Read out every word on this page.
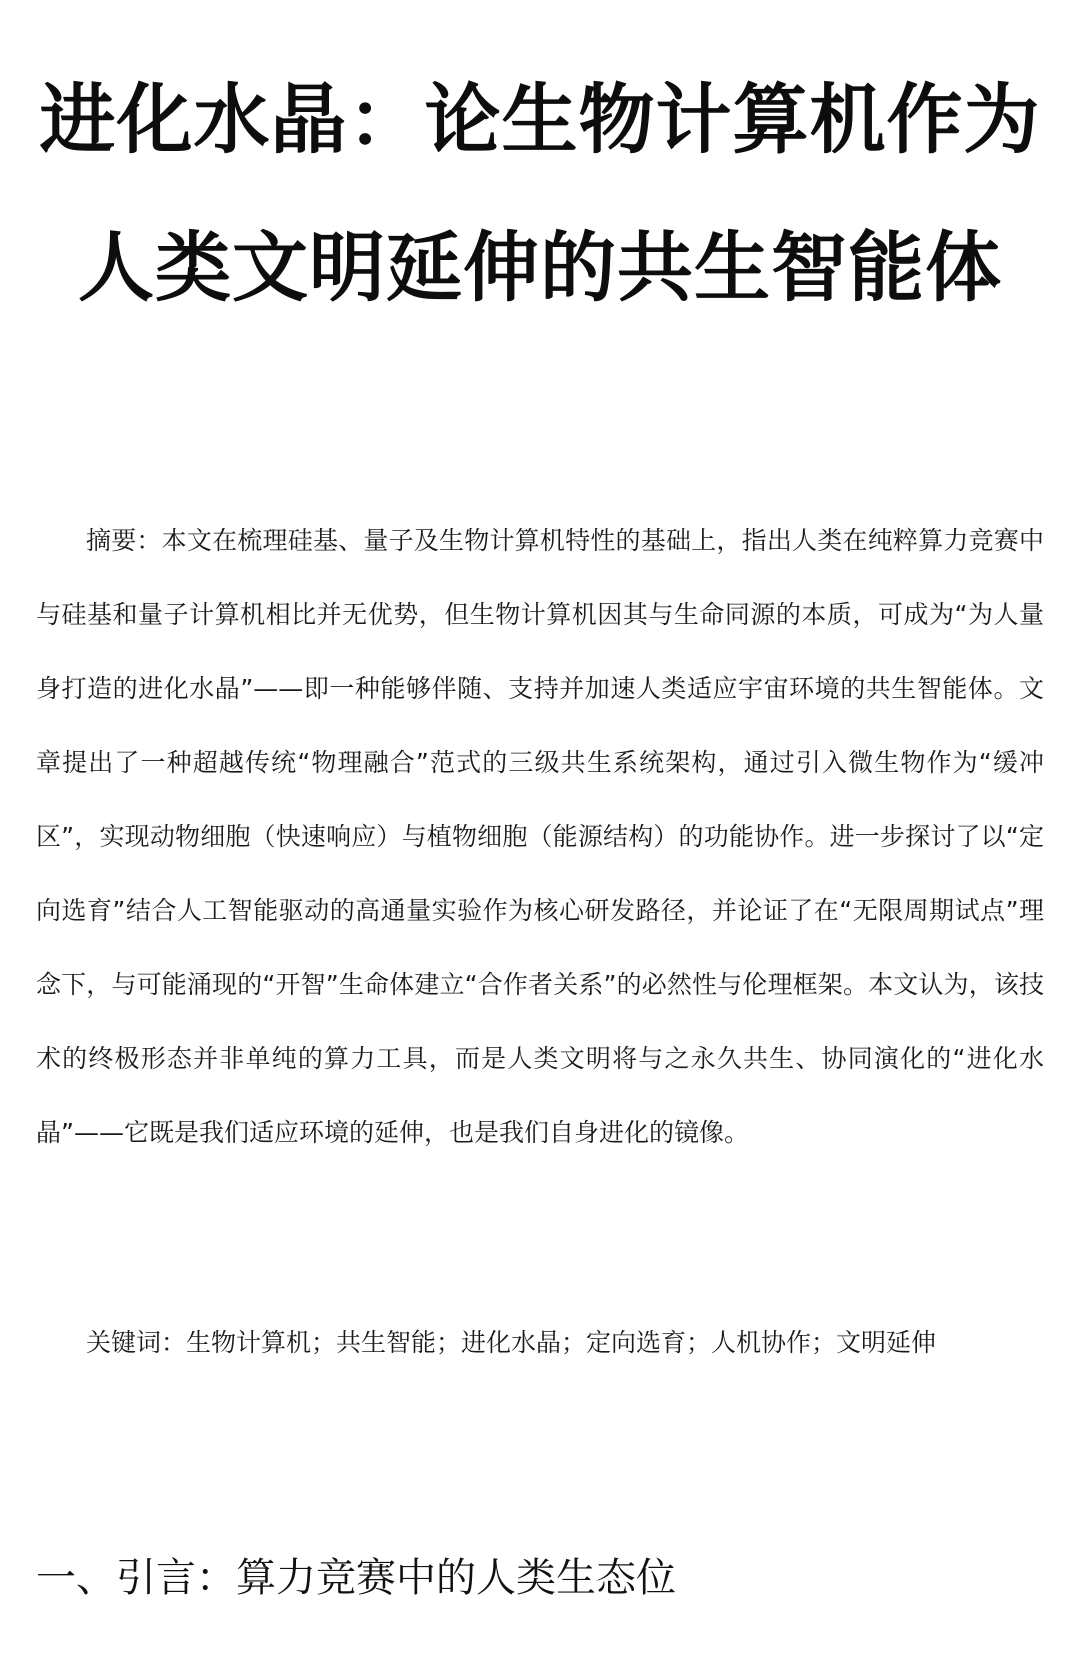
进化水晶：论生物计算机作为人类文明延伸的共生智能体

摘要：本文在梳理硅基、量子及生物计算机特性的基础上，指出人类在纯粹算力竞赛中与硅基和量子计算机相比并无优势，但生物计算机因其与生命同源的本质，可成为“为人量身打造的进化水晶”——即一种能够伴随、支持并加速人类适应宇宙环境的共生智能体。文章提出了一种超越传统“物理融合”范式的三级共生系统架构，通过引入微生物作为“缓冲区”，实现动物细胞（快速响应）与植物细胞（能源结构）的功能协作。进一步探讨了以“定向选育”结合人工智能驱动的高通量实验作为核心研发路径，并论证了在“无限周期试点”理念下，与可能涌现的“开智”生命体建立“合作者关系”的必然性与伦理框架。本文认为，该技术的终极形态并非单纯的算力工具，而是人类文明将与之永久共生、协同演化的“进化水晶”——它既是我们适应环境的延伸，也是我们自身进化的镜像。

关键词：生物计算机；共生智能；进化水晶；定向选育；人机协作；文明延伸

一、引言：算力竞赛中的人类生态位
